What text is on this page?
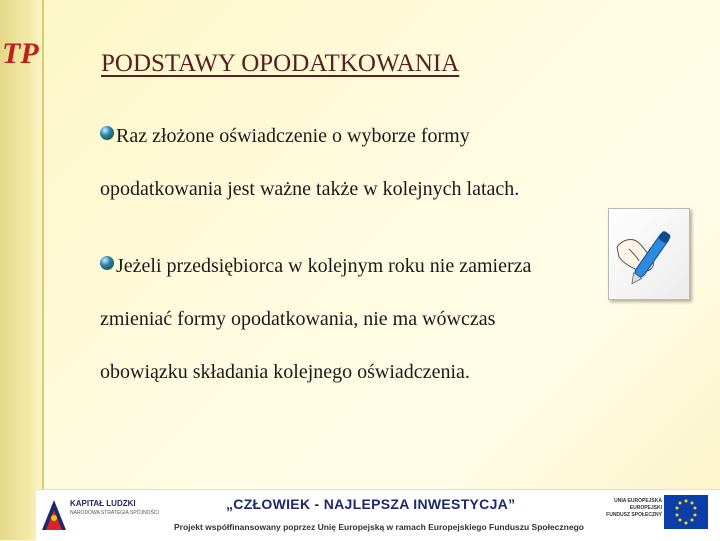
TP PODSTAWY OPODATKOWANIA
Raz złożone oświadczenie o wyborze formy
opodatkowania jest ważne także w kolejnych latach.
Jeżeli przedsiębiorca w kolejnym roku nie zamierza
zmieniać formy opodatkowania, nie ma wówczas
obowiązku składania kolejnego oświadczenia.
KAPITAŁ LUDZKI
NARODOWA STRATEGIA SPÓJNOŚCI
„CZŁOWIEK - NAJLEPSZA INWESTYCJA”
Projekt współfinansowany poprzez Unię Europejską w ramach Europejskiego Funduszu Społecznego
UNIA EUROPEJSKA
EUROPEJSKI
FUNDUSZ SPOŁECZNY
